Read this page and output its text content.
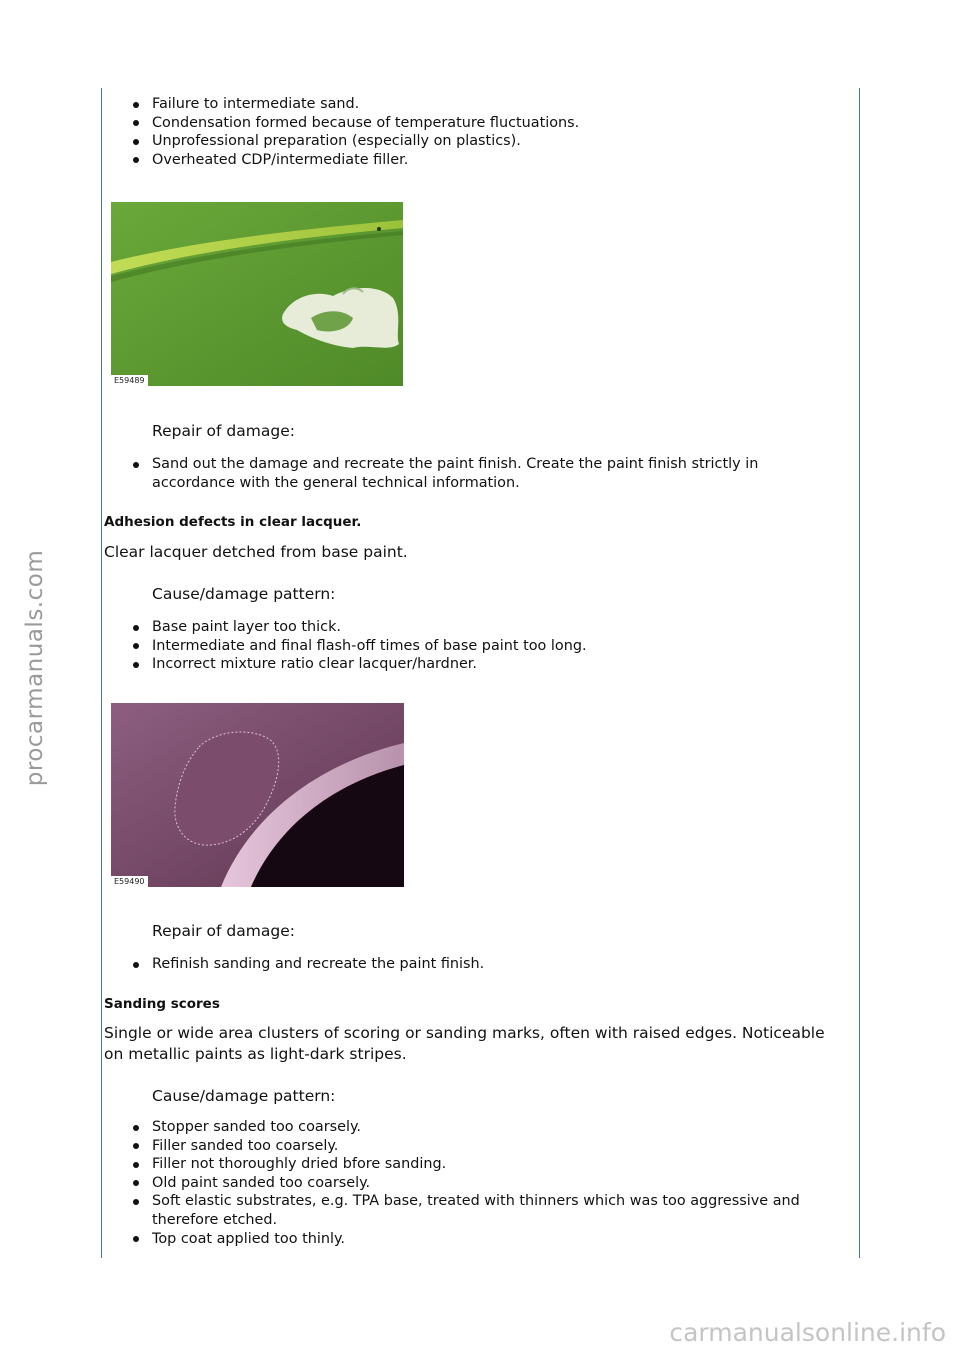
procarmanuals.com
Failure to intermediate sand.
Condensation formed because of temperature fluctuations.
Unprofessional preparation (especially on plastics).
Overheated CDP/intermediate filler.
E59489
Repair of damage:
Sand out the damage and recreate the paint finish. Create the paint finish strictly in accordance with the general technical information.
Adhesion defects in clear lacquer.
Clear lacquer detched from base paint.
Cause/damage pattern:
Base paint layer too thick.
Intermediate and final flash-off times of base paint too long.
Incorrect mixture ratio clear lacquer/hardner.
E59490
Repair of damage:
Refinish sanding and recreate the paint finish.
Sanding scores
Single or wide area clusters of scoring or sanding marks, often with raised edges. Noticeable on metallic paints as light-dark stripes.
Cause/damage pattern:
Stopper sanded too coarsely.
Filler sanded too coarsely.
Filler not thoroughly dried bfore sanding.
Old paint sanded too coarsely.
Soft elastic substrates, e.g. TPA base, treated with thinners which was too aggressive and therefore etched.
Top coat applied too thinly.
carmanualsonline.info
